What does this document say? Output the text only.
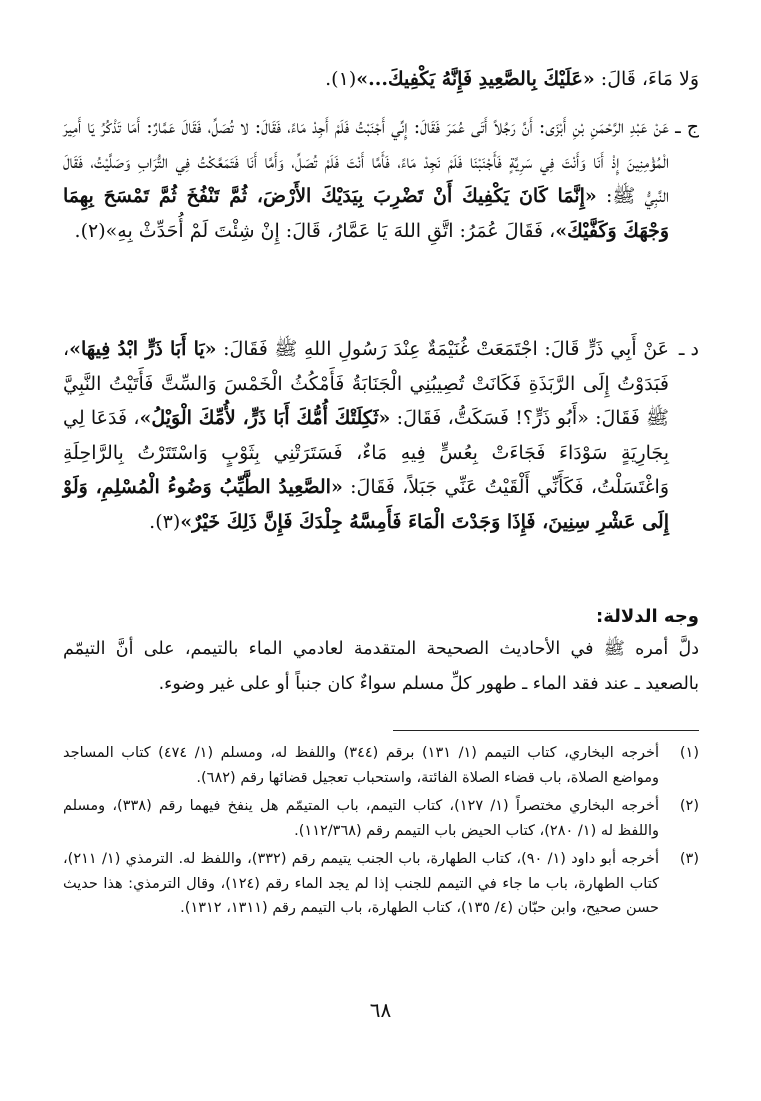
وَلا مَاءَ، قَالَ: «عَلَيْكَ بِالصَّعِيدِ فَإِنَّهُ يَكْفِيكَ...»(١).
ج ـ
عَنْ عَبْدِ الرَّحْمَنِ بْنِ أَبْزَى: أَنَّ رَجُلاً أَتَى عُمَرَ فَقَالَ: إِنِّي أَجْنَبْتُ فَلَمْ أَجِدْ مَاءً، فَقَالَ: لا تُصَلِّ، فَقَالَ عَمَّارٌ: أَمَا تَذْكُرُ يَا أَمِيرَ الْمُؤْمِنِينَ إِذْ أَنَا وَأَنْتَ فِي سَرِيَّةٍ فَأَجْنَبْنَا فَلَمْ نَجِدْ مَاءً، فَأَمَّا أَنْتَ فَلَمْ تُصَلِّ، وَأَمَّا أَنَا فَتَمَعَّكْتُ فِي التُّرَابِ وَصَلَّيْتُ، فَقَالَ النَّبِيُّ ﷺ: «إِنَّمَا كَانَ يَكْفِيكَ أَنْ تَضْرِبَ بِيَدَيْكَ الأَرْضَ، ثُمَّ تَنْفُخَ ثُمَّ تَمْسَحَ بِهِمَا وَجْهَكَ وَكَفَّيْكَ»، فَقَالَ عُمَرُ: اتَّقِ اللهَ يَا عَمَّارُ، قَالَ: إِنْ شِئْتَ لَمْ أُحَدِّثْ بِهِ»(٢).
د ـ
عَنْ أَبِي ذَرٍّ قَالَ: اجْتَمَعَتْ غُنَيْمَةٌ عِنْدَ رَسُولِ اللهِ ﷺ فَقَالَ: «يَا أَبَا ذَرٍّ ابْدُ فِيهَا»، فَبَدَوْتُ إِلَى الرَّبَذَةِ فَكَانَتْ تُصِيبُنِي الْجَنَابَةُ فَأَمْكُثُ الْخَمْسَ وَالسِّتَّ فَأَتَيْتُ النَّبِيَّ ﷺ فَقَالَ: «أَبُو ذَرٍّ؟! فَسَكَتُّ، فَقَالَ: «ثَكِلَتْكَ أُمُّكَ أَبَا ذَرٍّ، لأُمِّكَ الْوَيْلُ»، فَدَعَا لِي بِجَارِيَةٍ سَوْدَاءَ فَجَاءَتْ بِعُسٍّ فِيهِ مَاءٌ، فَسَتَرَتْنِي بِثَوْبٍ وَاسْتَتَرْتُ بِالرَّاحِلَةِ وَاغْتَسَلْتُ، فَكَأَنِّي أَلْقَيْتُ عَنِّي جَبَلاً، فَقَالَ: «الصَّعِيدُ الطَّيِّبُ وَضُوءُ الْمُسْلِمِ، وَلَوْ إِلَى عَشْرِ سِنِينَ، فَإِذَا وَجَدْتَ الْمَاءَ فَأَمِسَّهُ جِلْدَكَ فَإِنَّ ذَلِكَ خَيْرٌ»(٣).
وجه الدلالة:
دلَّ أمره ﷺ في الأحاديث الصحيحة المتقدمة لعادمي الماء بالتيمم، على أنَّ التيمّم بالصعيد ـ عند فقد الماء ـ طهور كلِّ مسلم سواءٌ كان جنباً أو على غير وضوء.
(١)
أخرجه البخاري، كتاب التيمم (١/ ١٣١) برقم (٣٤٤) واللفظ له، ومسلم (١/ ٤٧٤) كتاب المساجد ومواضع الصلاة، باب قضاء الصلاة الفائتة، واستحباب تعجيل قضائها رقم (٦٨٢).
(٢)
أخرجه البخاري مختصراً (١/ ١٢٧)، كتاب التيمم، باب المتيمّم هل ينفخ فيهما رقم (٣٣٨)، ومسلم واللفظ له (١/ ٢٨٠)، كتاب الحيض باب التيمم رقم (١١٢/٣٦٨).
(٣)
أخرجه أبو داود (١/ ٩٠)، كتاب الطهارة، باب الجنب يتيمم رقم (٣٣٢)، واللفظ له. الترمذي (١/ ٢١١)، كتاب الطهارة، باب ما جاء في التيمم للجنب إذا لم يجد الماء رقم (١٢٤)، وقال الترمذي: هذا حديث حسن صحيح، وابن حبّان (٤/ ١٣٥)، كتاب الطهارة، باب التيمم رقم (١٣١١، ١٣١٢).
٦٨
